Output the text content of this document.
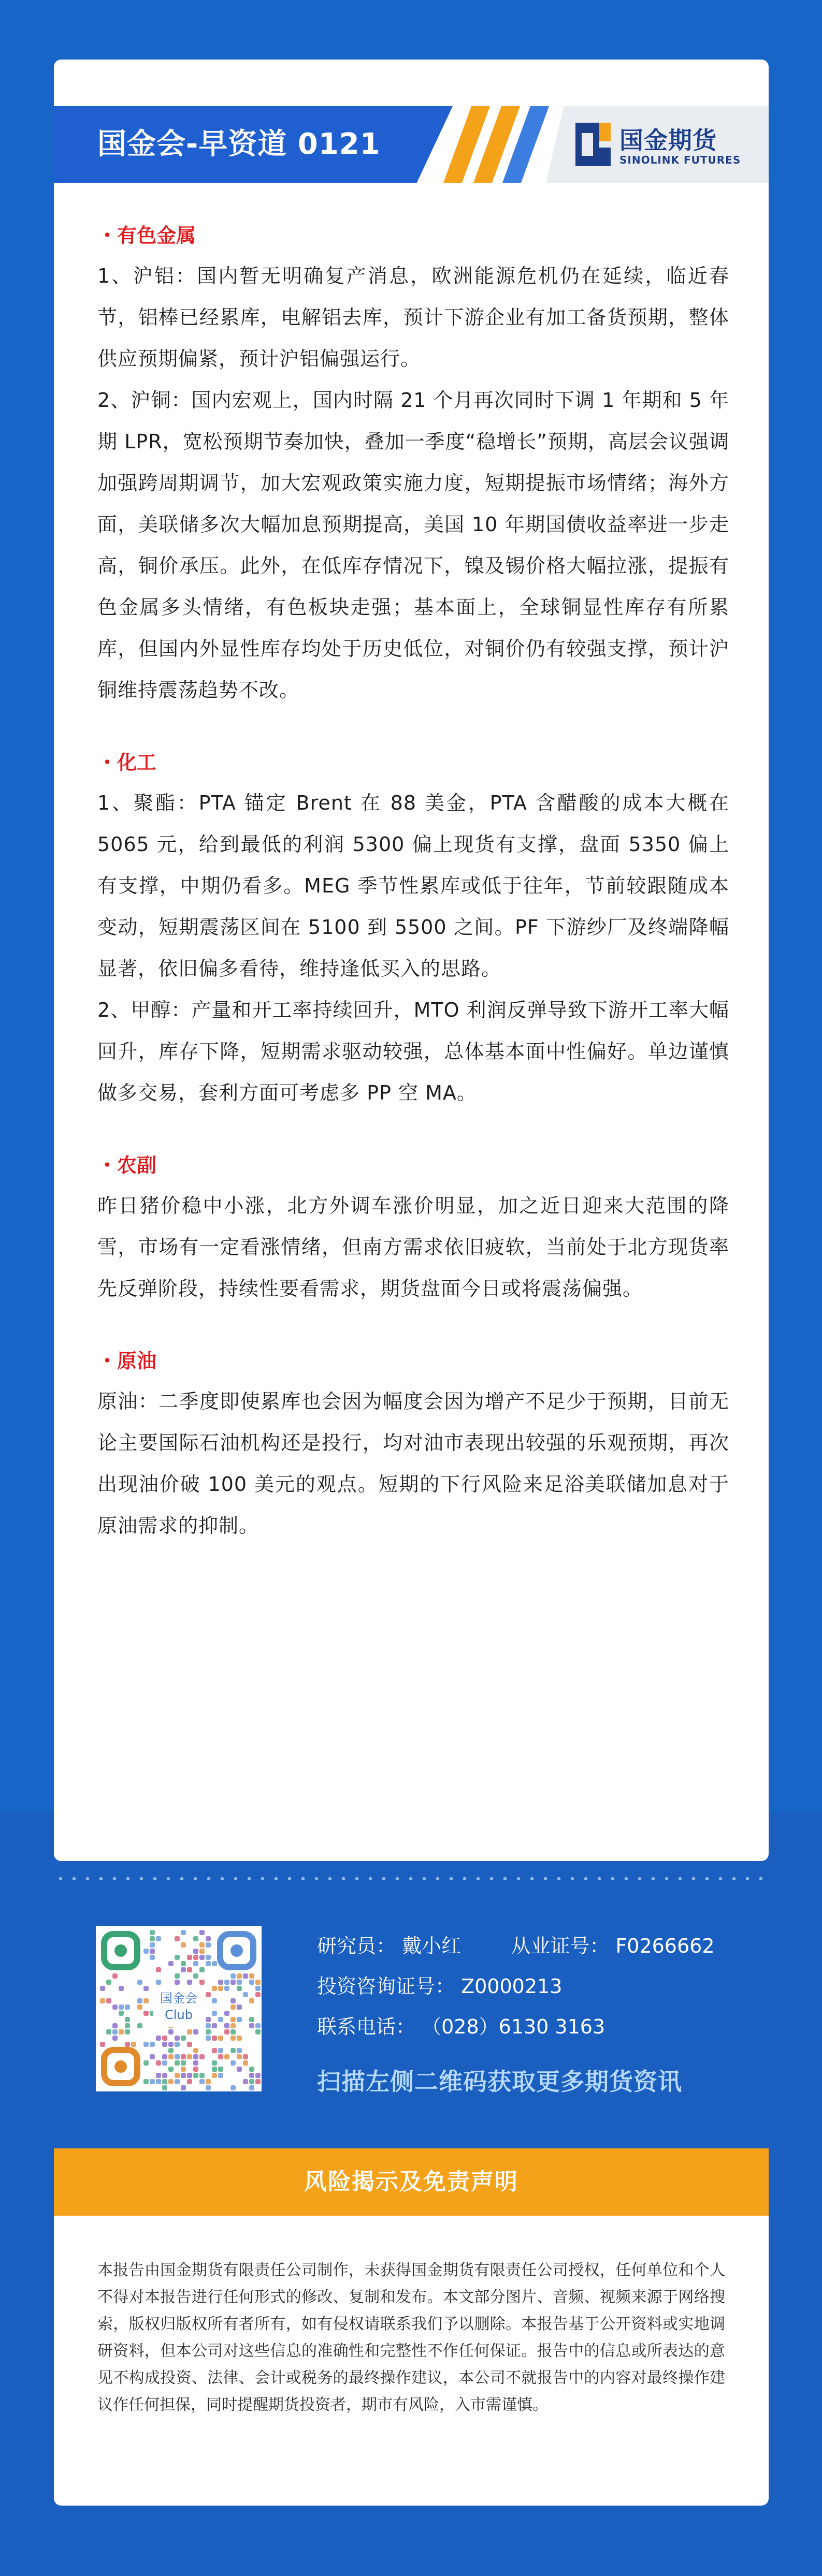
国金会-早资道 0121	国金期货
SINOLINK FUTURES
・有色金属

1、沪铝：国内暂无明确复产消息，欧洲能源危机仍在延续，临近春节，铝棒已经累库，电解铝去库，预计下游企业有加工备货预期，整体供应预期偏紧，预计沪铝偏强运行。

2、沪铜：国内宏观上，国内时隔 21 个月再次同时下调 1 年期和 5 年期 LPR，宽松预期节奏加快，叠加一季度“稳增长”预期，高层会议强调加强跨周期调节，加大宏观政策实施力度，短期提振市场情绪；海外方面，美联储多次大幅加息预期提高，美国 10 年期国债收益率进一步走高，铜价承压。此外，在低库存情况下，镍及锡价格大幅拉涨，提振有色金属多头情绪，有色板块走强；基本面上，全球铜显性库存有所累库，但国内外显性库存均处于历史低位，对铜价仍有较强支撑，预计沪铜维持震荡趋势不改。

・化工

1、聚酯：PTA 锚定 Brent 在 88 美金，PTA 含醋酸的成本大概在 5065 元，给到最低的利润 5300 偏上现货有支撑，盘面 5350 偏上有支撑，中期仍看多。MEG 季节性累库或低于往年，节前较跟随成本变动，短期震荡区间在 5100 到 5500 之间。PF 下游纱厂及终端降幅显著，依旧偏多看待，维持逢低买入的思路。

2、甲醇：产量和开工率持续回升，MTO 利润反弹导致下游开工率大幅回升，库存下降，短期需求驱动较强，总体基本面中性偏好。单边谨慎做多交易，套利方面可考虑多 PP 空 MA。

・农副

昨日猪价稳中小涨，北方外调车涨价明显，加之近日迎来大范围的降雪，市场有一定看涨情绪，但南方需求依旧疲软，当前处于北方现货率先反弹阶段，持续性要看需求，期货盘面今日或将震荡偏强。

・原油

原油：二季度即使累库也会因为幅度会因为增产不足少于预期，目前无论主要国际石油机构还是投行，均对油市表现出较强的乐观预期，再次出现油价破 100 美元的观点。短期的下行风险来足浴美联储加息对于原油需求的抑制。

国金会
Club
研究员： 戴小红	从业证号： F0266662
投资咨询证号： Z0000213
联系电话： （028）6130 3163
扫描左侧二维码获取更多期货资讯
风险揭示及免责声明

本报告由国金期货有限责任公司制作，未获得国金期货有限责任公司授权，任何单位和个人不得对本报告进行任何形式的修改、复制和发布。本文部分图片、音频、视频来源于网络搜索，版权归版权所有者所有，如有侵权请联系我们予以删除。本报告基于公开资料或实地调研资料，但本公司对这些信息的准确性和完整性不作任何保证。报告中的信息或所表达的意见不构成投资、法律、会计或税务的最终操作建议，本公司不就报告中的内容对最终操作建议作任何担保，同时提醒期货投资者，期市有风险，入市需谨慎。
